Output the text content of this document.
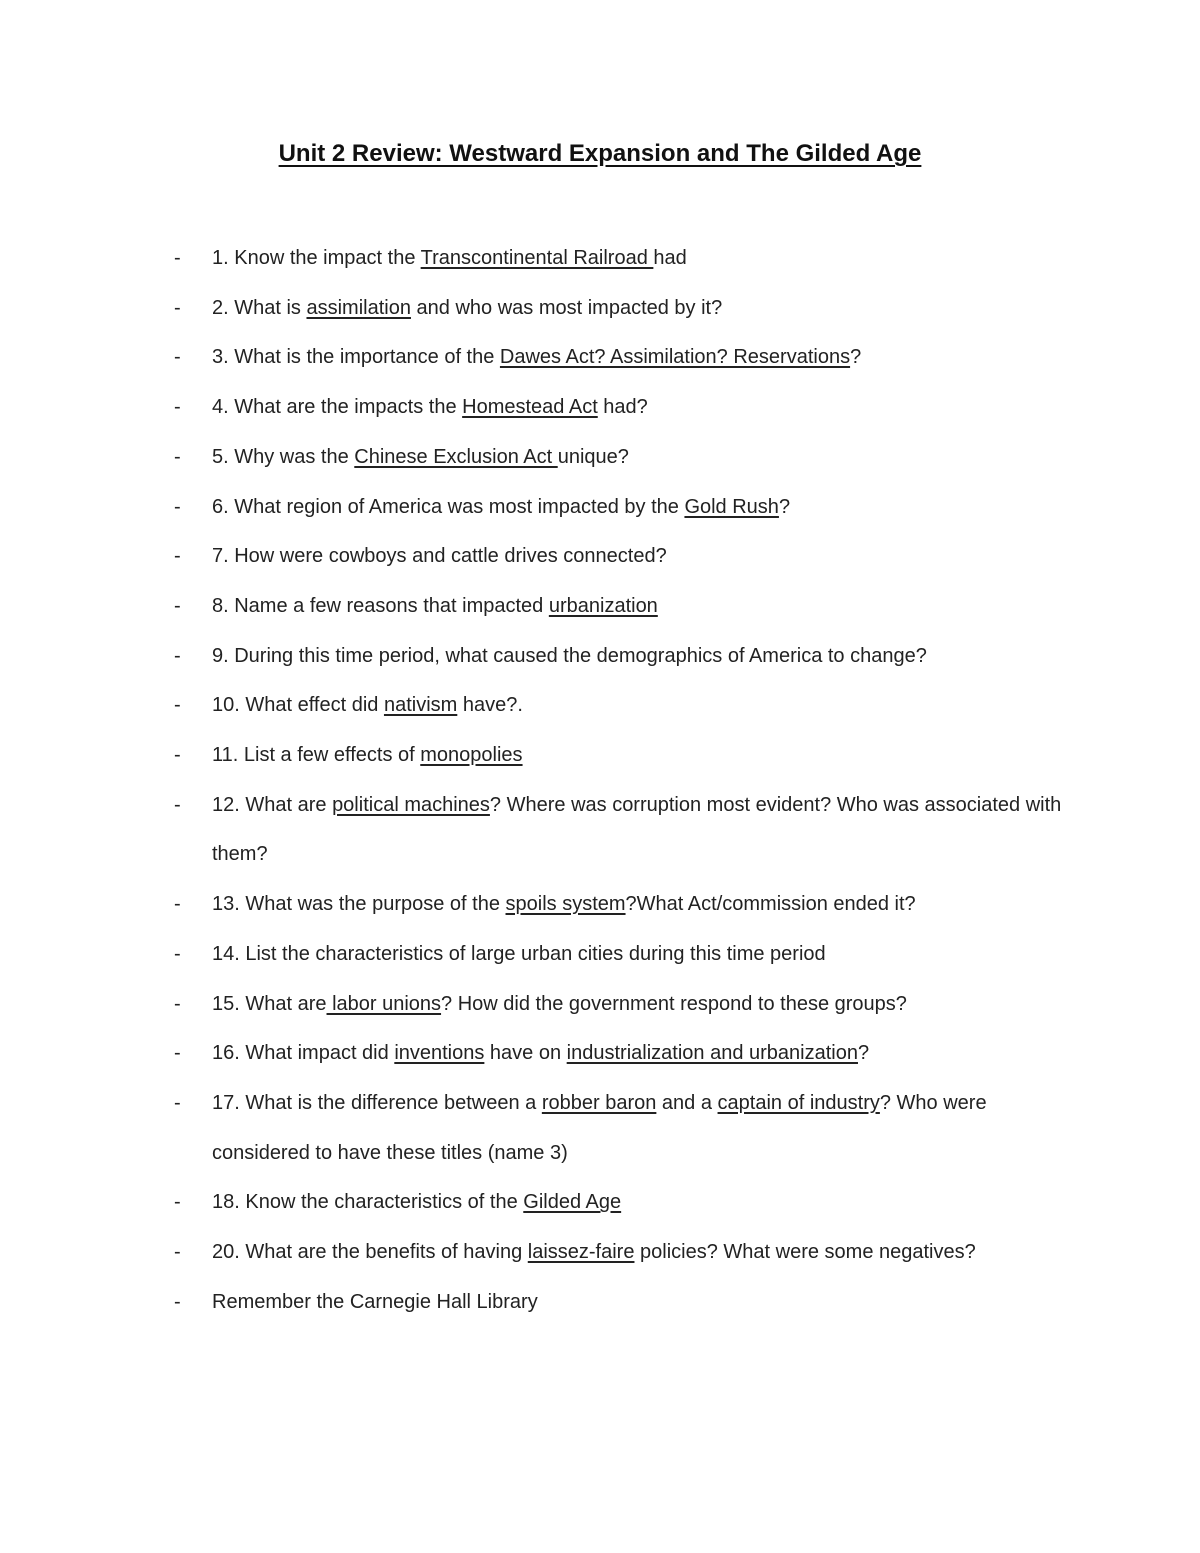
Unit 2 Review: Westward Expansion and The Gilded Age
- 1. Know the impact the Transcontinental Railroad had
- 2. What is assimilation and who was most impacted by it?
- 3. What is the importance of the Dawes Act? Assimilation? Reservations?
- 4. What are the impacts the Homestead Act had?
- 5. Why was the Chinese Exclusion Act unique?
- 6. What region of America was most impacted by the Gold Rush?
- 7. How were cowboys and cattle drives connected?
- 8. Name a few reasons that impacted urbanization
- 9. During this time period, what caused the demographics of America to change?
- 10. What effect did nativism have?.
- 11. List a few effects of monopolies
- 12. What are political machines? Where was corruption most evident? Who was associated with them?
- 13. What was the purpose of the spoils system?What Act/commission ended it?
- 14. List the characteristics of large urban cities during this time period
- 15. What are labor unions? How did the government respond to these groups?
- 16. What impact did inventions have on industrialization and urbanization?
- 17. What is the difference between a robber baron and a captain of industry? Who were considered to have these titles (name 3)
- 18. Know the characteristics of the Gilded Age
- 20. What are the benefits of having laissez-faire policies? What were some negatives?
- Remember the Carnegie Hall Library
